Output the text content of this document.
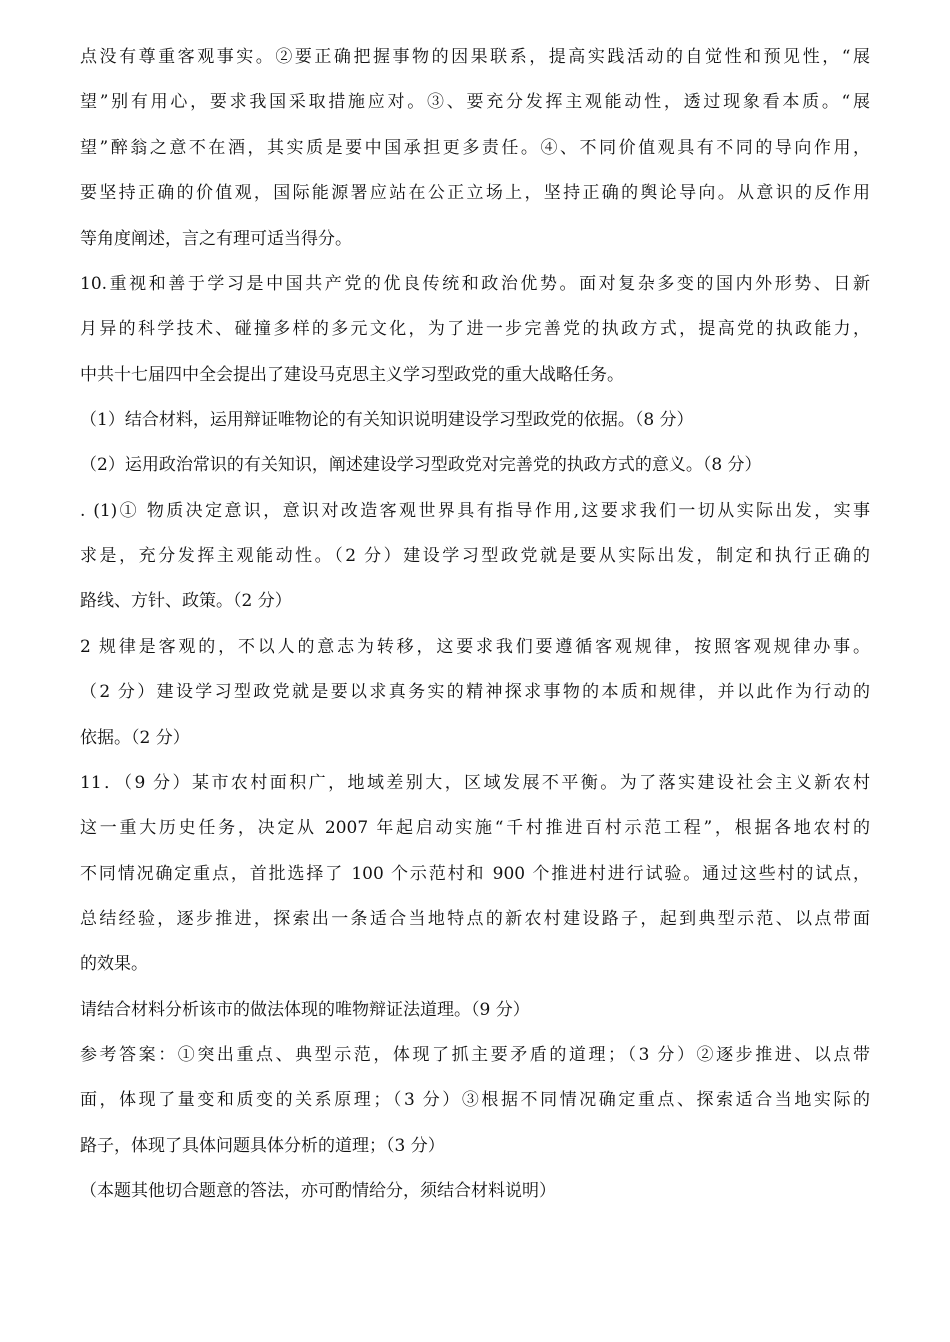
点没有尊重客观事实。②要正确把握事物的因果联系，提高实践活动的自觉性和预见性，“展
望”别有用心，要求我国采取措施应对。③、要充分发挥主观能动性，透过现象看本质。“展
望”醉翁之意不在酒，其实质是要中国承担更多责任。④、不同价值观具有不同的导向作用，
要坚持正确的价值观，国际能源署应站在公正立场上，坚持正确的舆论导向。从意识的反作用
等角度阐述，言之有理可适当得分。
10.重视和善于学习是中国共产党的优良传统和政治优势。面对复杂多变的国内外形势、日新
月异的科学技术、碰撞多样的多元文化，为了进一步完善党的执政方式，提高党的执政能力，
中共十七届四中全会提出了建设马克思主义学习型政党的重大战略任务。
（1）结合材料，运用辩证唯物论的有关知识说明建设学习型政党的依据。（8 分）
（2）运用政治常识的有关知识，阐述建设学习型政党对完善党的执政方式的意义。（8 分）
. (1)① 物质决定意识，意识对改造客观世界具有指导作用,这要求我们一切从实际出发，实事
求是，充分发挥主观能动性。（2 分）建设学习型政党就是要从实际出发，制定和执行正确的
路线、方针、政策。（2 分）
2 规律是客观的，不以人的意志为转移，这要求我们要遵循客观规律，按照客观规律办事。
（2 分）建设学习型政党就是要以求真务实的精神探求事物的本质和规律，并以此作为行动的
依据。（2 分）
11．（9 分）某市农村面积广，地域差别大，区域发展不平衡。为了落实建设社会主义新农村
这一重大历史任务，决定从 2007 年起启动实施“千村推进百村示范工程”，根据各地农村的
不同情况确定重点，首批选择了 100 个示范村和 900 个推进村进行试验。通过这些村的试点，
总结经验，逐步推进，探索出一条适合当地特点的新农村建设路子，起到典型示范、以点带面
的效果。
请结合材料分析该市的做法体现的唯物辩证法道理。（9 分）
参考答案：①突出重点、典型示范，体现了抓主要矛盾的道理；（3 分）②逐步推进、以点带
面，体现了量变和质变的关系原理；（3 分）③根据不同情况确定重点、探索适合当地实际的
路子，体现了具体问题具体分析的道理；（3 分）
（本题其他切合题意的答法，亦可酌情给分，须结合材料说明）
